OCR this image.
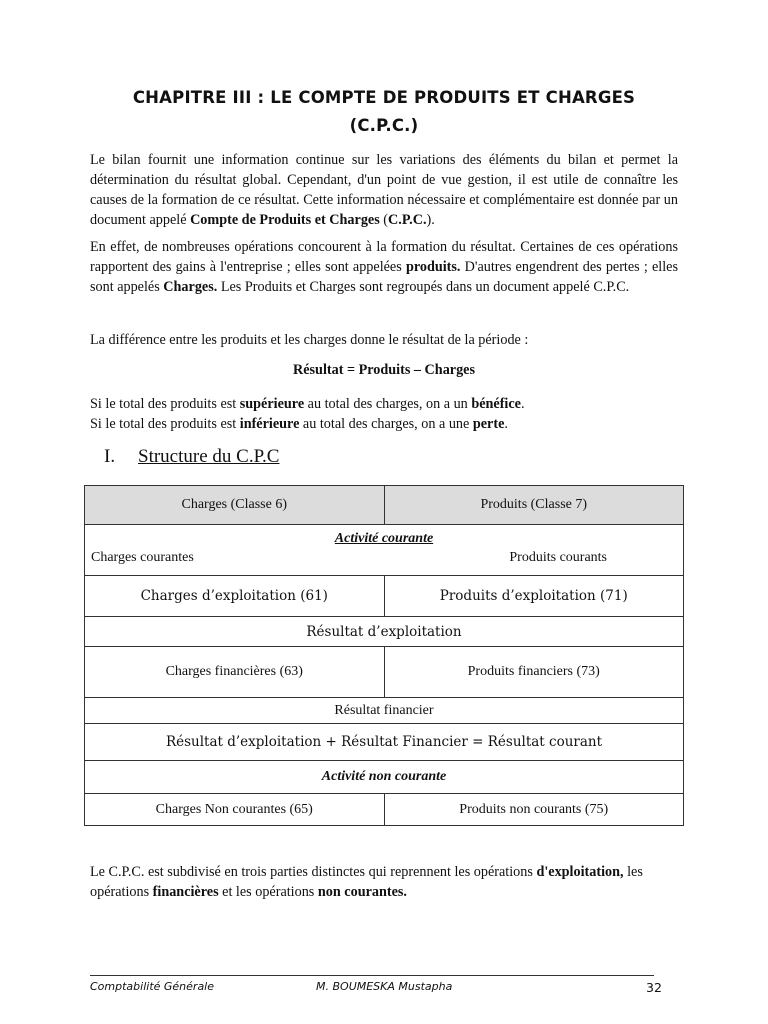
CHAPITRE III : LE COMPTE DE PRODUITS ET CHARGES
(C.P.C.)

Le bilan fournit une information continue sur les variations des éléments du bilan et permet la détermination du résultat global. Cependant, d'un point de vue gestion, il est utile de connaître les causes de la formation de ce résultat. Cette information nécessaire et complémentaire est donnée par un document appelé Compte de Produits et Charges (C.P.C.).

En effet, de nombreuses opérations concourent à la formation du résultat. Certaines de ces opérations rapportent des gains à l'entreprise ; elles sont appelées produits. D'autres engendrent des pertes ; elles sont appelés Charges. Les Produits et Charges sont regroupés dans un document appelé C.P.C.

La différence entre les produits et les charges donne le résultat de la période :

Résultat = Produits – Charges

Si le total des produits est supérieure au total des charges, on a un bénéfice.
Si le total des produits est inférieure au total des charges, on a une perte.

I. Structure du C.P.C
Charges (Classe 6)	Produits (Classe 7)

Activité courante
Charges courantes Produits courants	

Charges d’exploitation (61)	Produits d’exploitation (71)
Résultat d’exploitation	
Charges financières (63)	Produits financiers (73)
Résultat financier	
Résultat d’exploitation + Résultat Financier = Résultat courant	
Activité non courante	
Charges Non courantes (65)	Produits non courants (75)

Le C.P.C. est subdivisé en trois parties distinctes qui reprennent les opérations d'exploitation, les opérations financières et les opérations non courantes.

Comptabilité Générale	M. BOUMESKA Mustapha	32
